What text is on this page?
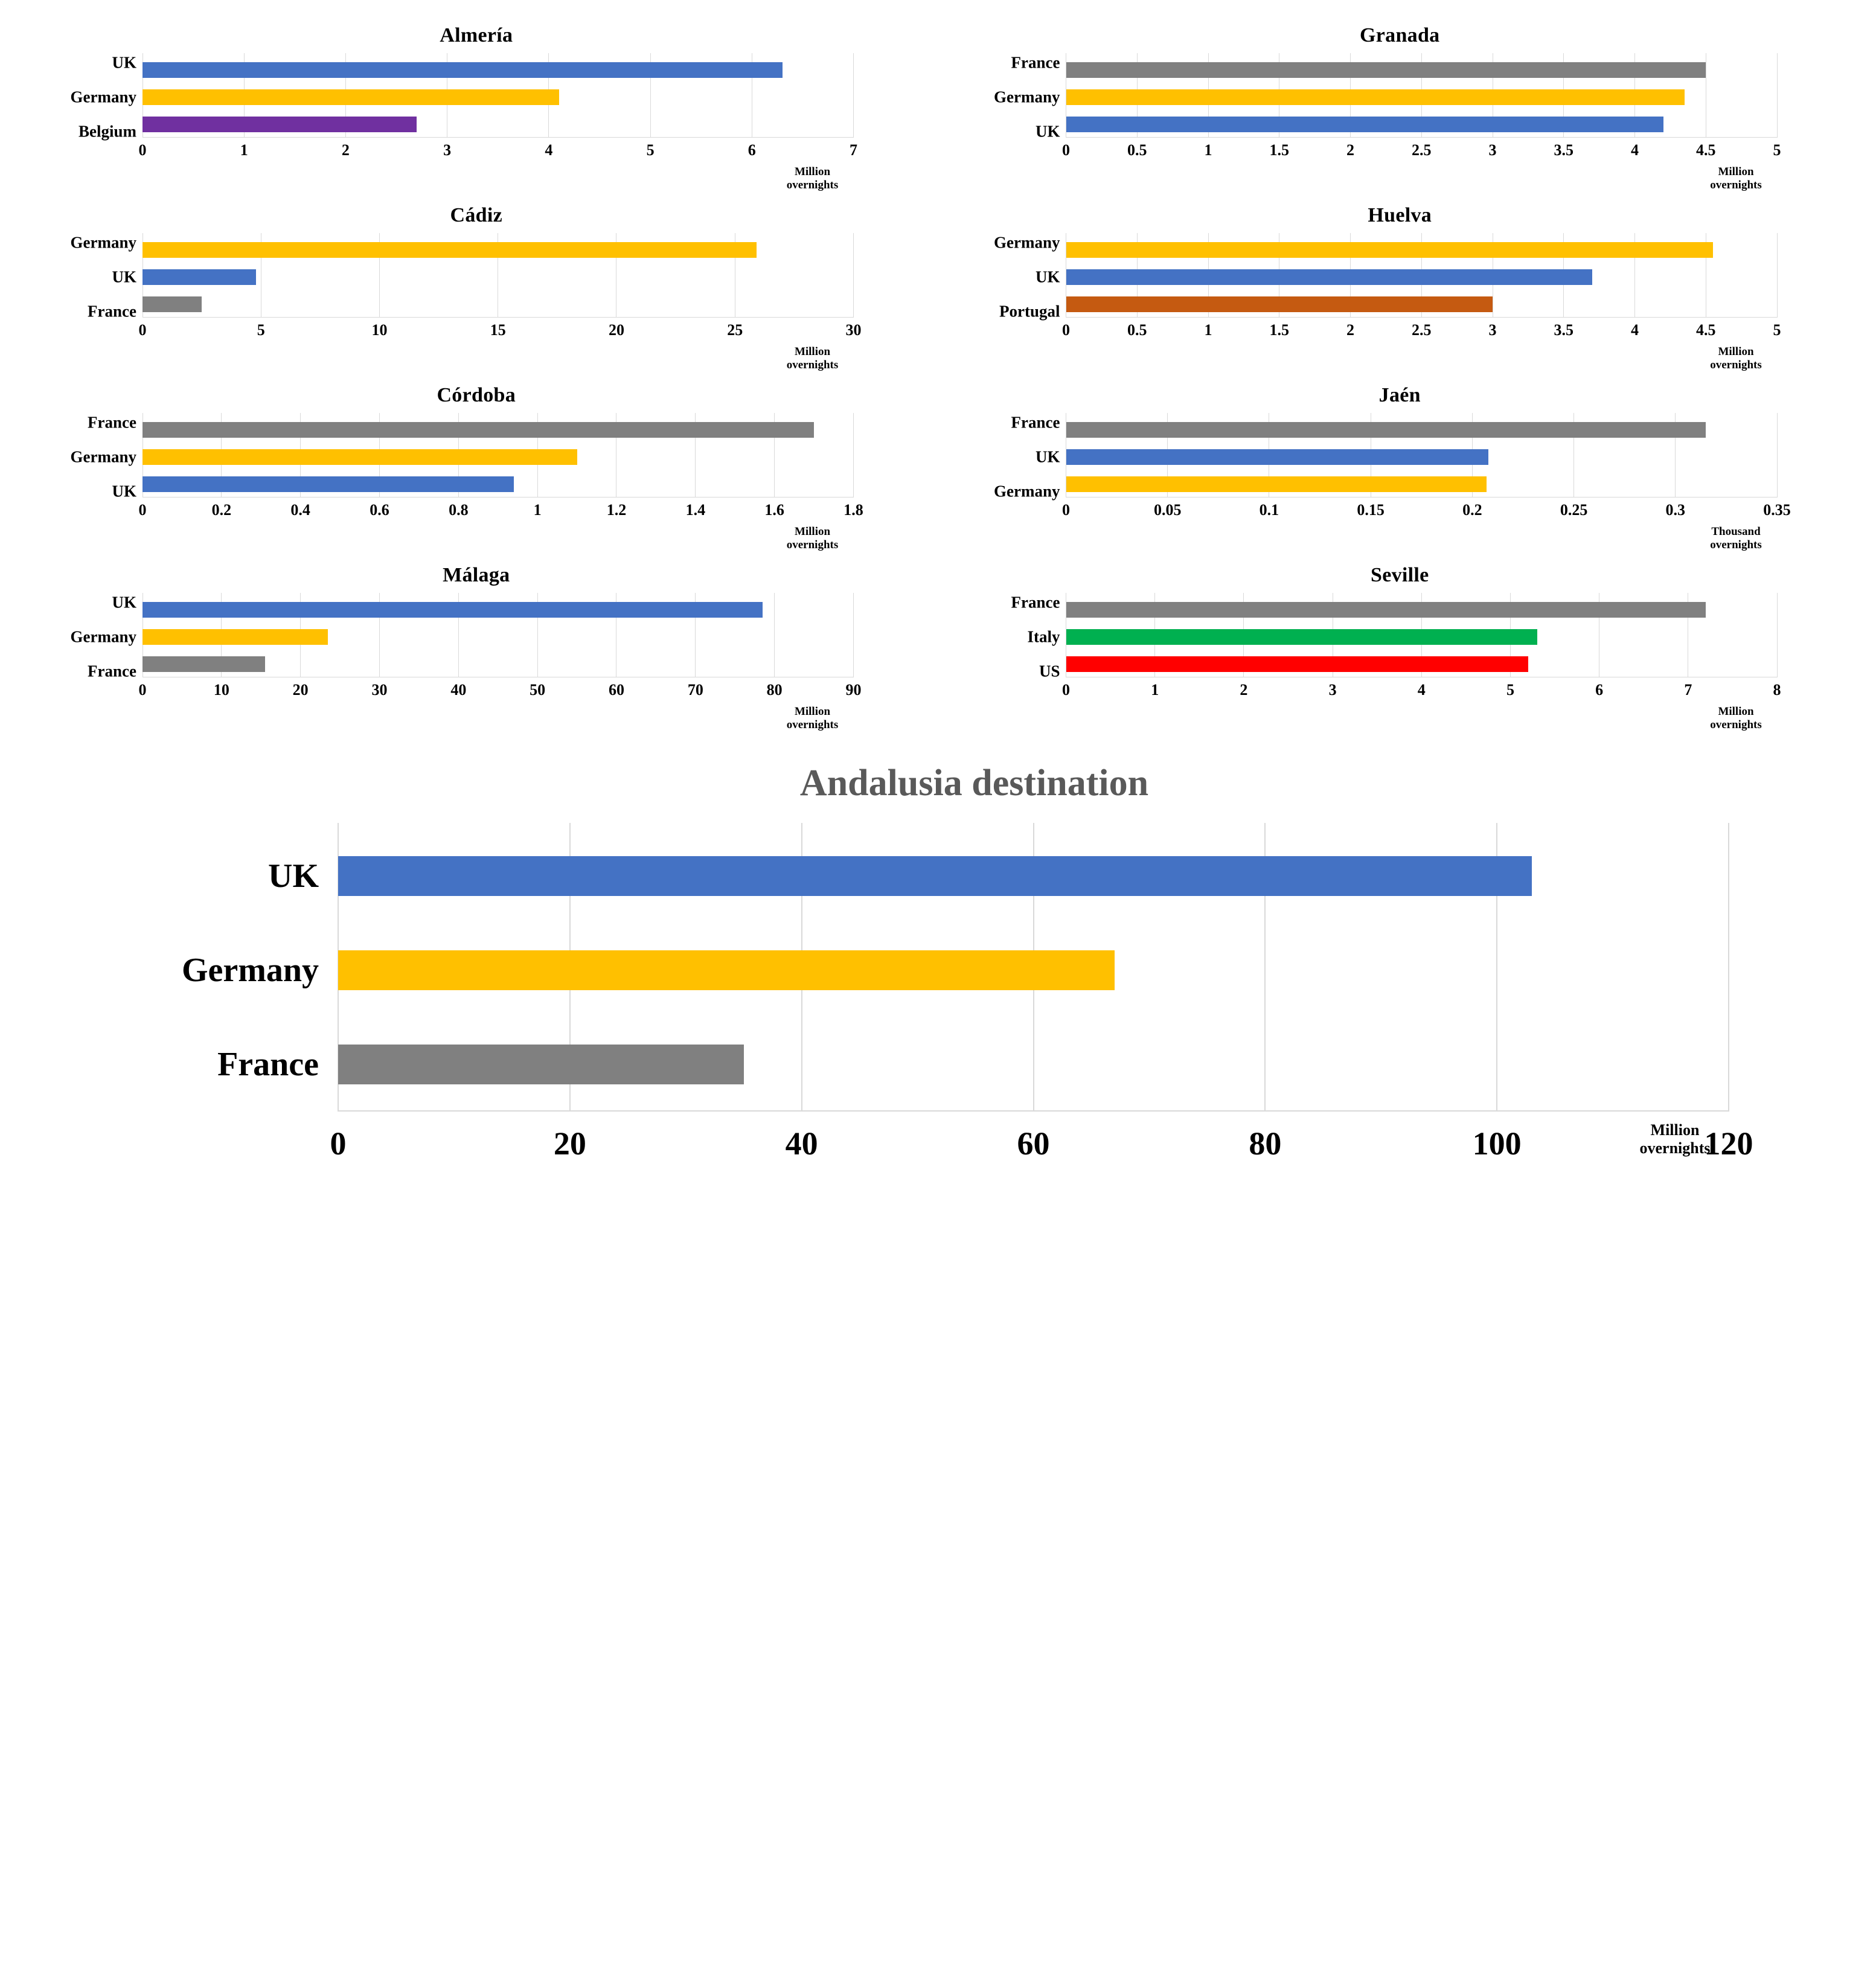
Almería
UK
Germany
Belgium
0	1	2	3	4	5	6	7
Million
overnights
Granada
France
Germany
UK
0	0.5	1	1.5	2	2.5	3	3.5	4	4.5	5
Million
overnights
Cádiz
Germany
UK
France
0	5	10	15	20	25	30
Million
overnights
Huelva
Germany
UK
Portugal
0	0.5	1	1.5	2	2.5	3	3.5	4	4.5	5
Million
overnights
Córdoba
France
Germany
UK
0	0.2	0.4	0.6	0.8	1	1.2	1.4	1.6	1.8
Million
overnights
Jaén
France
UK
Germany
0	0.05	0.1	0.15	0.2	0.25	0.3	0.35
Thousand
overnights
Málaga
UK
Germany
France
0	10	20	30	40	50	60	70	80	90
Million
overnights
Seville
France
Italy
US
0	1	2	3	4	5	6	7	8
Million
overnights
Andalusia destination
UK
Germany
France
0	20	40	60	80	100	120
Million
overnights
